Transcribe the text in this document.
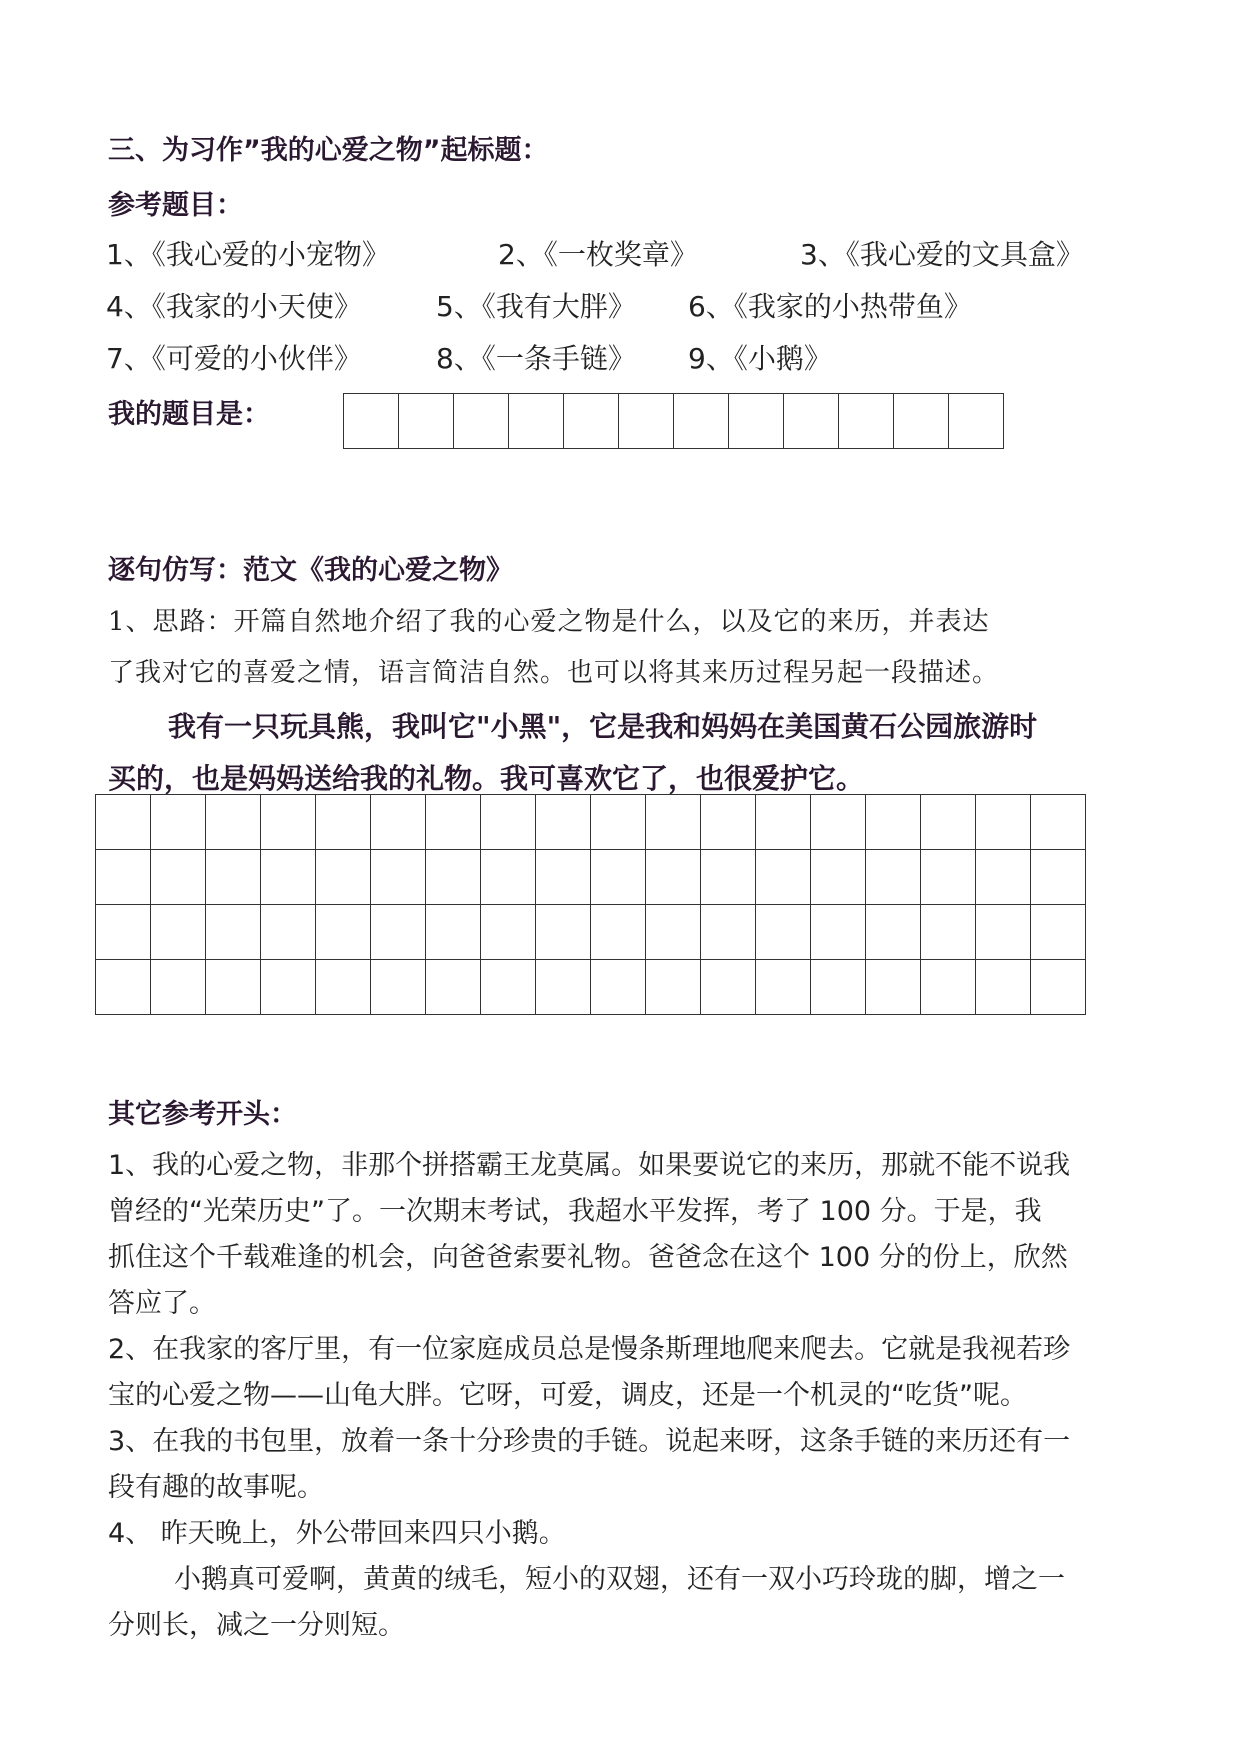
三、为习作”我的心爱之物”起标题：
参考题目：
1、《我心爱的小宠物》	2、《一枚奖章》	3、《我心爱的文具盒》
4、《我家的小天使》	5、《我有大胖》 6、《我家的小热带鱼》
7、《可爱的小伙伴》	8、《一条手链》 9、《小鹅》
我的题目是：

逐句仿写：范文《我的心爱之物》
1、思路：开篇自然地介绍了我的心爱之物是什么，以及它的来历，并表达
了我对它的喜爱之情，语言简洁自然。也可以将其来历过程另起一段描述。
我有一只玩具熊，我叫它"小黑"，它是我和妈妈在美国黄石公园旅游时
买的，也是妈妈送给我的礼物。我可喜欢它了，也很爱护它。

其它参考开头：
1、我的心爱之物，非那个拼搭霸王龙莫属。如果要说它的来历，那就不能不说我
曾经的“光荣历史”了。一次期末考试，我超水平发挥，考了 100 分。于是，我
抓住这个千载难逢的机会，向爸爸索要礼物。爸爸念在这个 100 分的份上，欣然
答应了。
2、在我家的客厅里，有一位家庭成员总是慢条斯理地爬来爬去。它就是我视若珍
宝的心爱之物——山龟大胖。它呀，可爱，调皮，还是一个机灵的“吃货”呢。
3、在我的书包里，放着一条十分珍贵的手链。说起来呀，这条手链的来历还有一
段有趣的故事呢。
4、 昨天晚上，外公带回来四只小鹅。
小鹅真可爱啊，黄黄的绒毛，短小的双翅，还有一双小巧玲珑的脚，增之一
分则长，减之一分则短。
